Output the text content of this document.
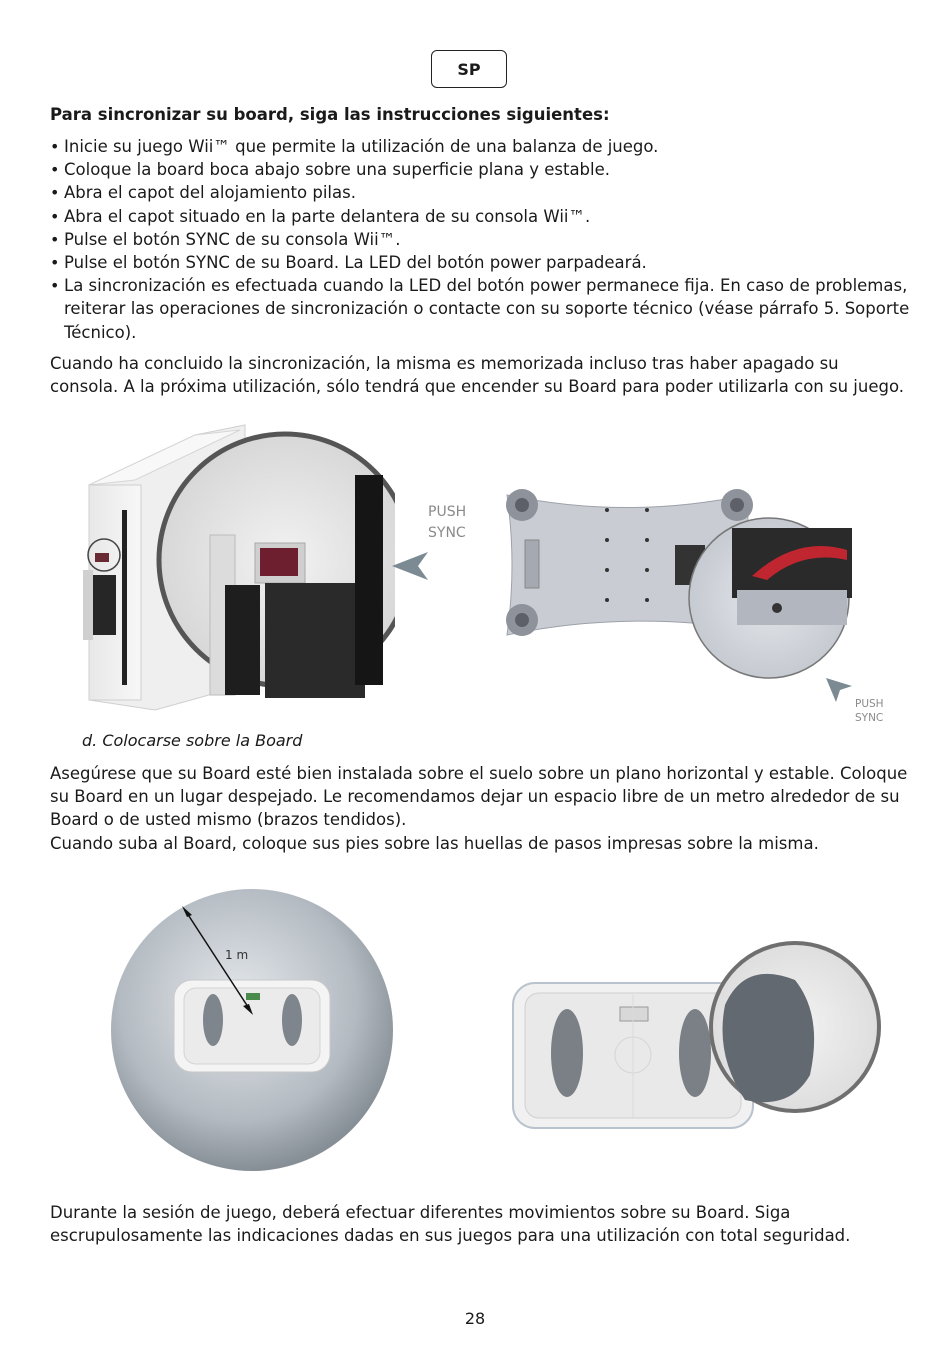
SP
Para sincronizar su board, siga las instrucciones siguientes:
• Inicie su juego Wii™ que permite la utilización de una balanza de juego.
• Coloque la board boca abajo sobre una superficie plana y estable.
• Abra el capot del alojamiento pilas.
• Abra el capot situado en la parte delantera de su consola Wii™.
• Pulse el botón SYNC de su consola Wii™.
• Pulse el botón SYNC de su Board. La LED del botón power parpadeará.
• La sincronización es efectuada cuando la LED del botón power permanece fija. En caso de problemas, reiterar las operaciones de sincronización o contacte con su soporte técnico (véase párrafo 5. Soporte Técnico).
Cuando ha concluido la sincronización, la misma es memorizada incluso tras haber apagado su consola. A la próxima utilización, sólo tendrá que encender su Board para poder utilizarla con su juego.
PUSH
SYNC
PUSH
SYNC
d. Colocarse sobre la Board
Asegúrese que su Board esté bien instalada sobre el suelo sobre un plano horizontal y estable. Coloque su Board en un lugar despejado. Le recomendamos dejar un espacio libre de un metro alrededor de su Board o de usted mismo (brazos tendidos).
Cuando suba al Board, coloque sus pies sobre las huellas de pasos impresas sobre la misma.
1 m
Durante la sesión de juego, deberá efectuar diferentes movimientos sobre su Board. Siga escrupulosamente las indicaciones dadas en sus juegos para una utilización con total seguridad.
28
